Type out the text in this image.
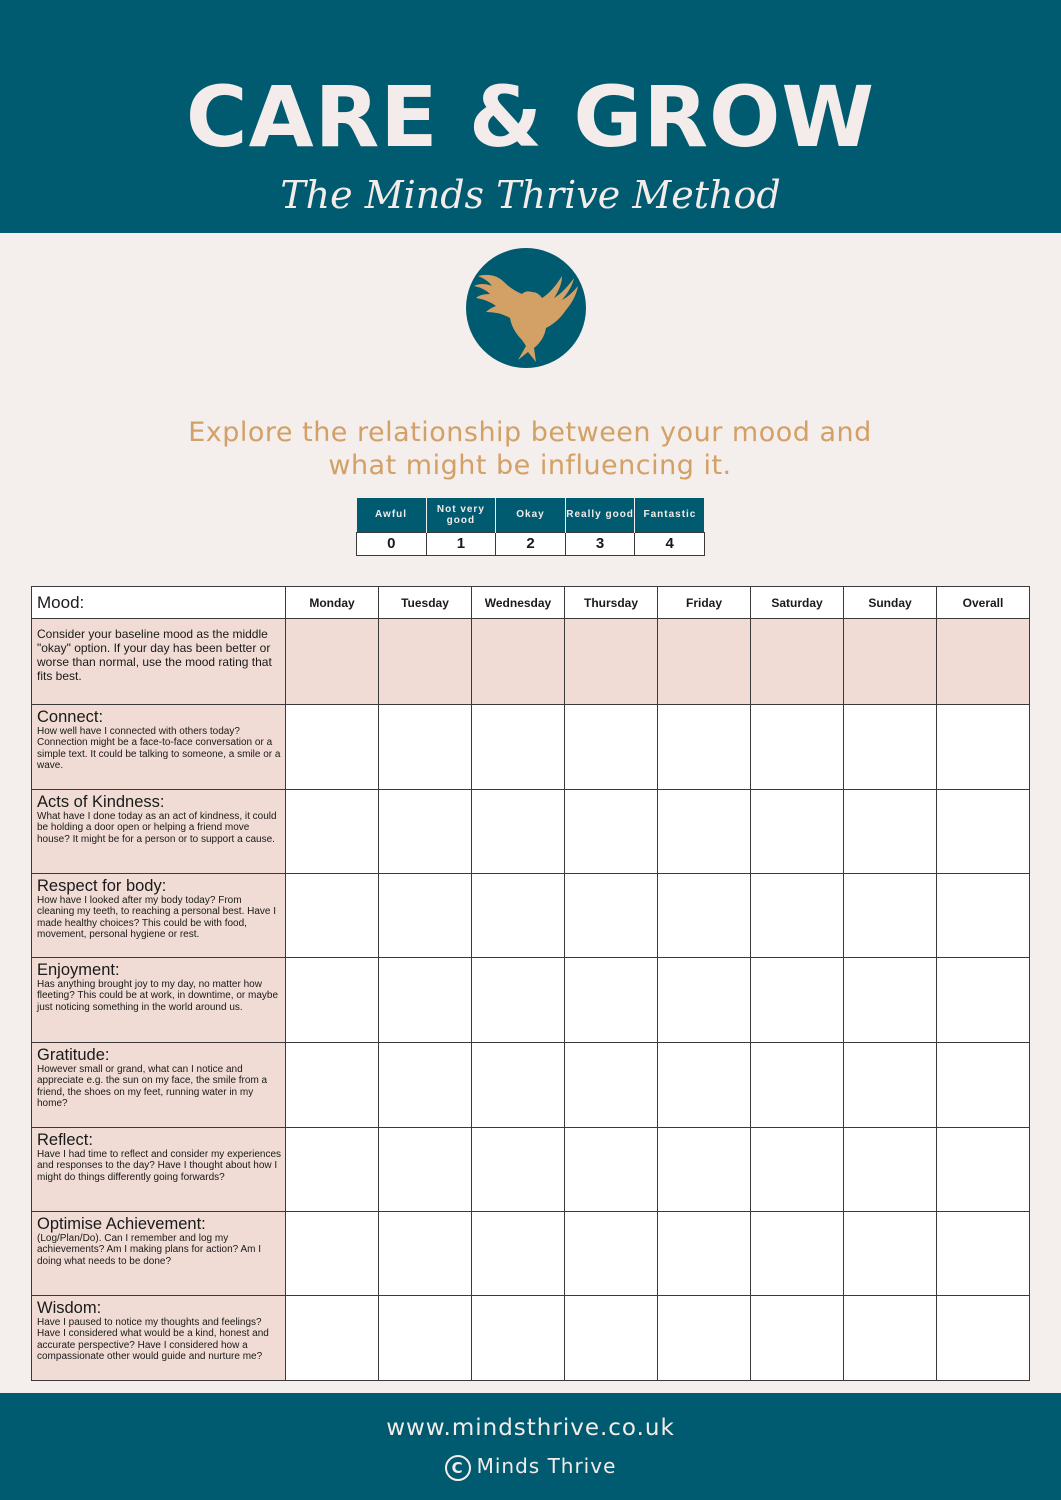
CARE & GROW
The Minds Thrive Method
Explore the relationship between your mood and
what might be influencing it.
Awful	Not very good	Okay	Really good	Fantastic
0	1	2	3	4
Mood:	Monday	Tuesday	Wednesday	Thursday	Friday	Saturday	Sunday	Overall

Consider your baseline mood as the middle "okay" option. If your day has been better or worse than normal, use the mood rating that fits best.								

Connect:
How well have I connected with others today? Connection might be a face-to-face conversation or a simple text. It could be talking to someone, a smile or a wave.								

Acts of Kindness:
What have I done today as an act of kindness, it could be holding a door open or helping a friend move house? It might be for a person or to support a cause.								

Respect for body:
How have I looked after my body today? From cleaning my teeth, to reaching a personal best. Have I made healthy choices? This could be with food, movement, personal hygiene or rest.								

Enjoyment:
Has anything brought joy to my day, no matter how fleeting? This could be at work, in downtime, or maybe just noticing something in the world around us.								

Gratitude:
However small or grand, what can I notice and appreciate e.g. the sun on my face, the smile from a friend, the shoes on my feet, running water in my home?								

Reflect:
Have I had time to reflect and consider my experiences and responses to the day? Have I thought about how I might do things differently going forwards?								

Optimise Achievement:
(Log/Plan/Do). Can I remember and log my achievements? Am I making plans for action? Am I doing what needs to be done?								

Wisdom:
Have I paused to notice my thoughts and feelings? Have I considered what would be a kind, honest and accurate perspective? Have I considered how a compassionate other would guide and nurture me?								

www.mindsthrive.co.uk
C Minds Thrive
